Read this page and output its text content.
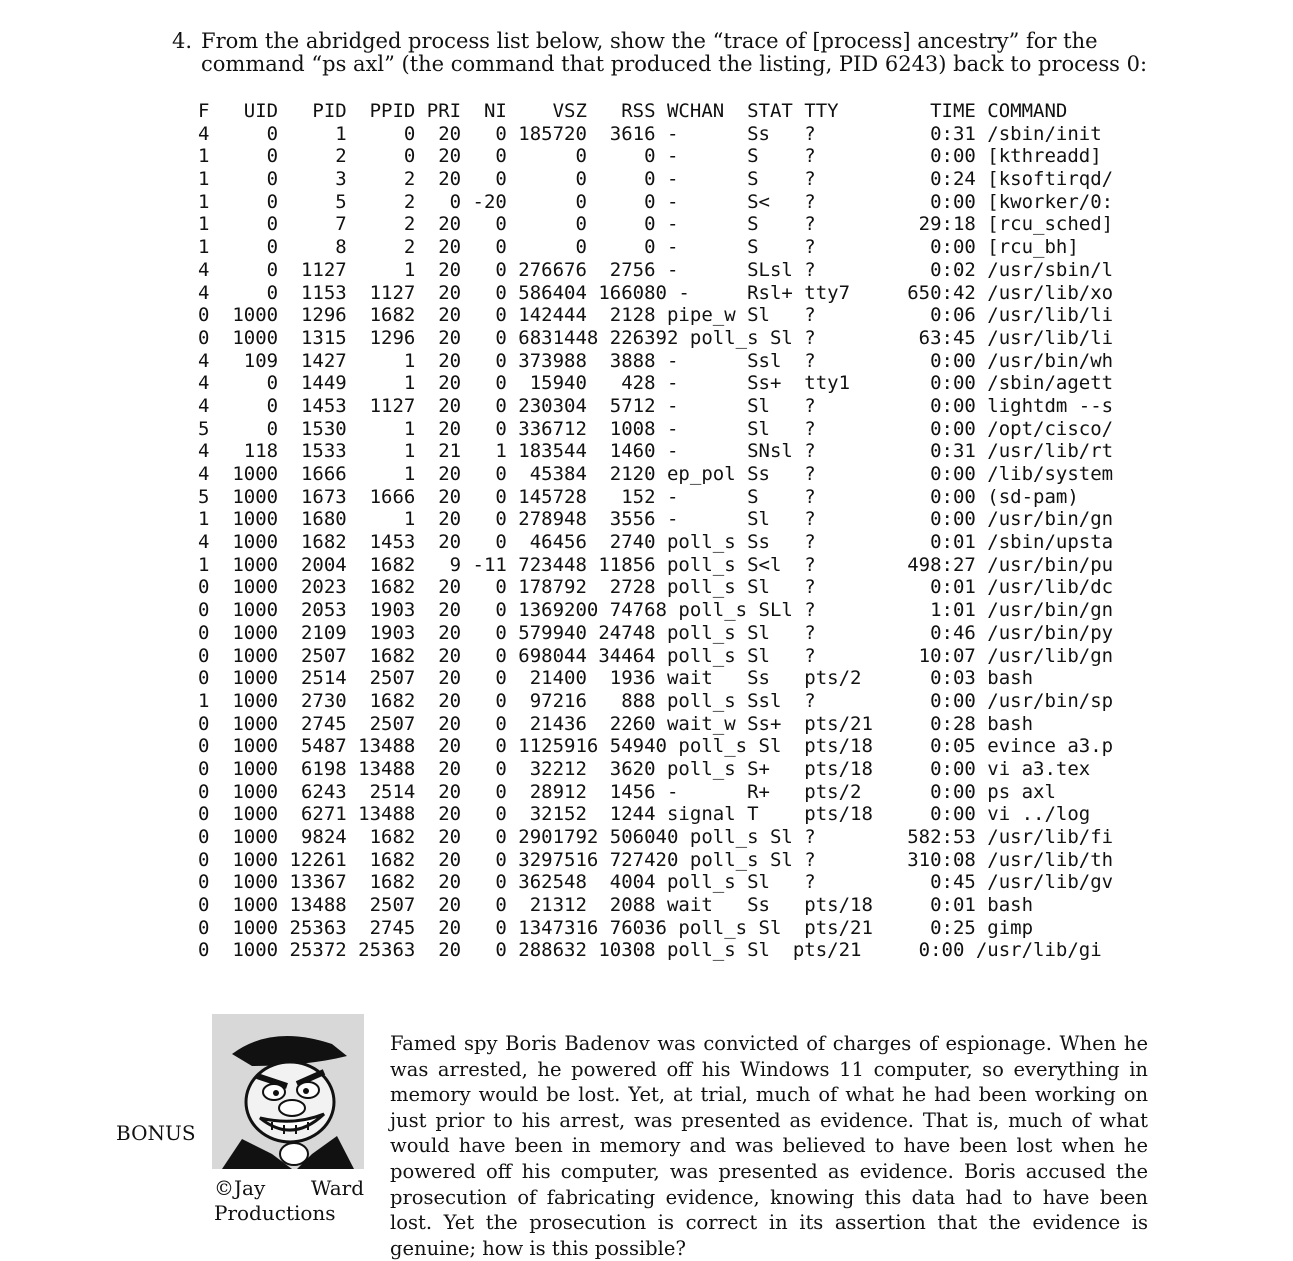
4. From the abridged process list below, show the “trace of [process] ancestry” for the command “ps axl” (the command that produced the listing, PID 6243) back to process 0:
F   UID   PID  PPID PRI  NI    VSZ   RSS WCHAN  STAT TTY        TIME COMMAND
4     0     1     0  20   0 185720  3616 -      Ss   ?          0:31 /sbin/init
1     0     2     0  20   0      0     0 -      S    ?          0:00 [kthreadd]
1     0     3     2  20   0      0     0 -      S    ?          0:24 [ksoftirqd/
1     0     5     2   0 -20      0     0 -      S<   ?          0:00 [kworker/0:
1     0     7     2  20   0      0     0 -      S    ?         29:18 [rcu_sched]
1     0     8     2  20   0      0     0 -      S    ?          0:00 [rcu_bh]
4     0  1127     1  20   0 276676  2756 -      SLsl ?          0:02 /usr/sbin/l
4     0  1153  1127  20   0 586404 166080 -     Rsl+ tty7     650:42 /usr/lib/xo
0  1000  1296  1682  20   0 142444  2128 pipe_w Sl   ?          0:06 /usr/lib/li
0  1000  1315  1296  20   0 6831448 226392 poll_s Sl ?         63:45 /usr/lib/li
4   109  1427     1  20   0 373988  3888 -      Ssl  ?          0:00 /usr/bin/wh
4     0  1449     1  20   0  15940   428 -      Ss+  tty1       0:00 /sbin/agett
4     0  1453  1127  20   0 230304  5712 -      Sl   ?          0:00 lightdm --s
5     0  1530     1  20   0 336712  1008 -      Sl   ?          0:00 /opt/cisco/
4   118  1533     1  21   1 183544  1460 -      SNsl ?          0:31 /usr/lib/rt
4  1000  1666     1  20   0  45384  2120 ep_pol Ss   ?          0:00 /lib/system
5  1000  1673  1666  20   0 145728   152 -      S    ?          0:00 (sd-pam)
1  1000  1680     1  20   0 278948  3556 -      Sl   ?          0:00 /usr/bin/gn
4  1000  1682  1453  20   0  46456  2740 poll_s Ss   ?          0:01 /sbin/upsta
1  1000  2004  1682   9 -11 723448 11856 poll_s S<l  ?        498:27 /usr/bin/pu
0  1000  2023  1682  20   0 178792  2728 poll_s Sl   ?          0:01 /usr/lib/dc
0  1000  2053  1903  20   0 1369200 74768 poll_s SLl ?          1:01 /usr/bin/gn
0  1000  2109  1903  20   0 579940 24748 poll_s Sl   ?          0:46 /usr/bin/py
0  1000  2507  1682  20   0 698044 34464 poll_s Sl   ?         10:07 /usr/lib/gn
0  1000  2514  2507  20   0  21400  1936 wait   Ss   pts/2      0:03 bash
1  1000  2730  1682  20   0  97216   888 poll_s Ssl  ?          0:00 /usr/bin/sp
0  1000  2745  2507  20   0  21436  2260 wait_w Ss+  pts/21     0:28 bash
0  1000  5487 13488  20   0 1125916 54940 poll_s Sl  pts/18     0:05 evince a3.p
0  1000  6198 13488  20   0  32212  3620 poll_s S+   pts/18     0:00 vi a3.tex
0  1000  6243  2514  20   0  28912  1456 -      R+   pts/2      0:00 ps axl
0  1000  6271 13488  20   0  32152  1244 signal T    pts/18     0:00 vi ../log
0  1000  9824  1682  20   0 2901792 506040 poll_s Sl ?        582:53 /usr/lib/fi
0  1000 12261  1682  20   0 3297516 727420 poll_s Sl ?        310:08 /usr/lib/th
0  1000 13367  1682  20   0 362548  4004 poll_s Sl   ?          0:45 /usr/lib/gv
0  1000 13488  2507  20   0  21312  2088 wait   Ss   pts/18     0:01 bash
0  1000 25363  2745  20   0 1347316 76036 poll_s Sl  pts/21     0:25 gimp
0  1000 25372 25363  20   0 288632 10308 poll_s Sl  pts/21     0:00 /usr/lib/gi
BONUS
©Jay Ward
Productions
Famed spy Boris Badenov was convicted of charges of espionage. When he was arrested, he powered off his Windows 11 computer, so everything in memory would be lost. Yet, at trial, much of what he had been working on just prior to his arrest, was presented as evidence. That is, much of what would have been in memory and was believed to have been lost when he powered off his computer, was presented as evidence. Boris accused the prosecution of fabricating evidence, knowing this data had to have been lost. Yet the prosecution is correct in its assertion that the evidence is genuine; how is this possible?
